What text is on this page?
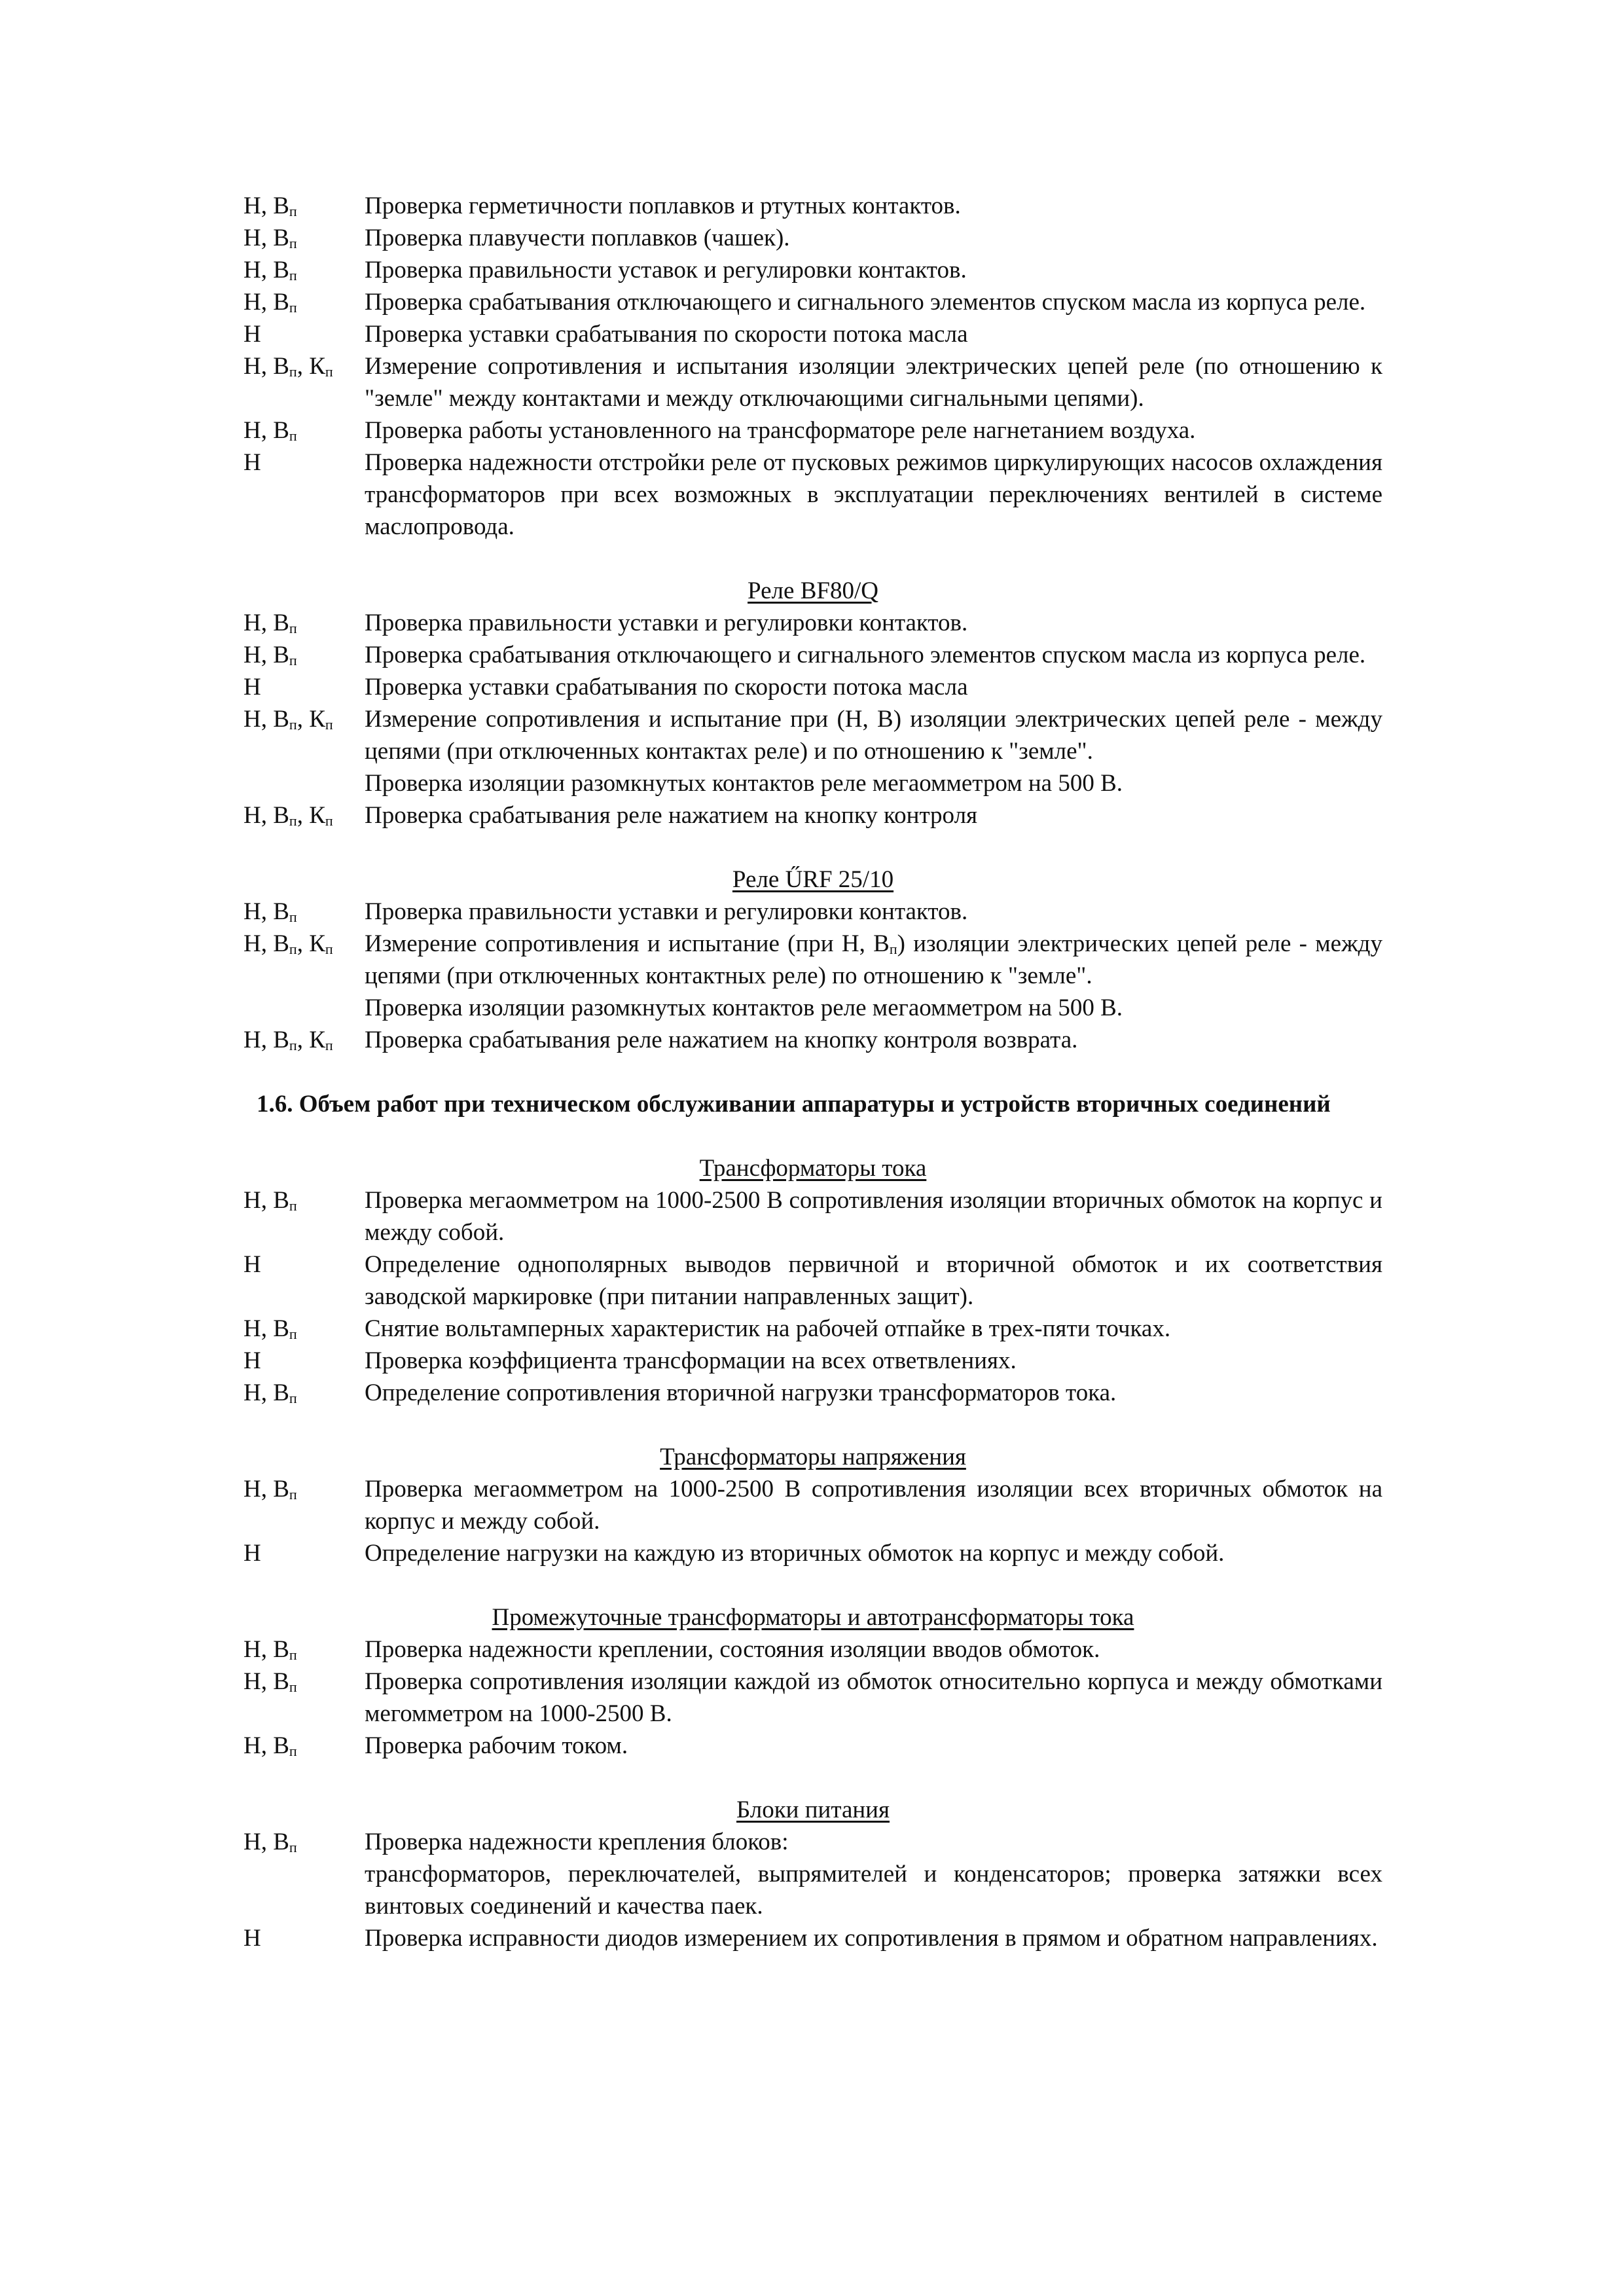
Н, $В_п$	Проверка герметичности поплавков и ртутных контактов.
Н, $В_п$	Проверка плавучести поплавков (чашек).
Н, $В_п$	Проверка правильности уставок и регулировки контактов.
Н, $В_п$	Проверка срабатывания отключающего и сигнального элементов спуском масла из корпуса реле.
Н	Проверка уставки срабатывания по скорости потока масла
Н, $В_п$, $К_п$	Измерение сопротивления и испытания изоляции электрических цепей реле (по отношению к "земле" между контактами и между отключающими сигнальными цепями).
Н, $В_п$	Проверка работы установленного на трансформаторе реле нагнетанием воздуха.
Н	Проверка надежности отстройки реле от пусковых режимов циркулирующих насосов охлаждения трансформаторов при всех возможных в эксплуатации переключениях вентилей в системе маслопровода.
Реле BF80/Q
Н, $В_п$	Проверка правильности уставки и регулировки контактов.
Н, $В_п$	Проверка срабатывания отключающего и сигнального элементов спуском масла из корпуса реле.
Н	Проверка уставки срабатывания по скорости потока масла
Н, $В_п$, $К_п$	Измерение сопротивления и испытание при (Н, В) изоляции электрических цепей реле - между цепями (при отключенных контактах реле) и по отношению к "земле".
Проверка изоляции разомкнутых контактов реле мегаомметром на 500 В.
Н, $В_п$, $К_п$	Проверка срабатывания реле нажатием на кнопку контроля
Реле ŰRF 25/10
Н, $В_п$	Проверка правильности уставки и регулировки контактов.
Н, $В_п$, $К_п$	Измерение сопротивления и испытание (при Н, $В_п$) изоляции электрических цепей реле - между цепями (при отключенных контактных реле) по отношению к "земле".
Проверка изоляции разомкнутых контактов реле мегаомметром на 500 В.
Н, $В_п$, $К_п$	Проверка срабатывания реле нажатием на кнопку контроля возврата.
1.6. Объем работ при техническом обслуживании аппаратуры и устройств вторичных соединений
Трансформаторы тока
Н, $В_п$	Проверка мегаомметром на 1000-2500 В сопротивления изоляции вторичных обмоток на корпус и между собой.
Н	Определение однополярных выводов первичной и вторичной обмоток и их соответствия заводской маркировке (при питании направленных защит).
Н, $В_п$	Снятие вольтамперных характеристик на рабочей отпайке в трех-пяти точках.
Н	Проверка коэффициента трансформации на всех ответвлениях.
Н, $В_п$	Определение сопротивления вторичной нагрузки трансформаторов тока.
Трансформаторы напряжения
Н, $В_п$	Проверка мегаомметром на 1000-2500 В сопротивления изоляции всех вторичных обмоток на корпус и между собой.
Н	Определение нагрузки на каждую из вторичных обмоток на корпус и между собой.
Промежуточные трансформаторы и автотрансформаторы тока
Н, $В_п$	Проверка надежности креплении, состояния изоляции вводов обмоток.
Н, $В_п$	Проверка сопротивления изоляции каждой из обмоток относительно корпуса и между обмотками мегомметром на 1000-2500 В.
Н, $В_п$	Проверка рабочим током.
Блоки питания
Н, $В_п$	Проверка надежности крепления блоков:
трансформаторов, переключателей, выпрямителей и конденсаторов; проверка затяжки всех винтовых соединений и качества паек.
Н	Проверка исправности диодов измерением их сопротивления в прямом и обратном направлениях.
